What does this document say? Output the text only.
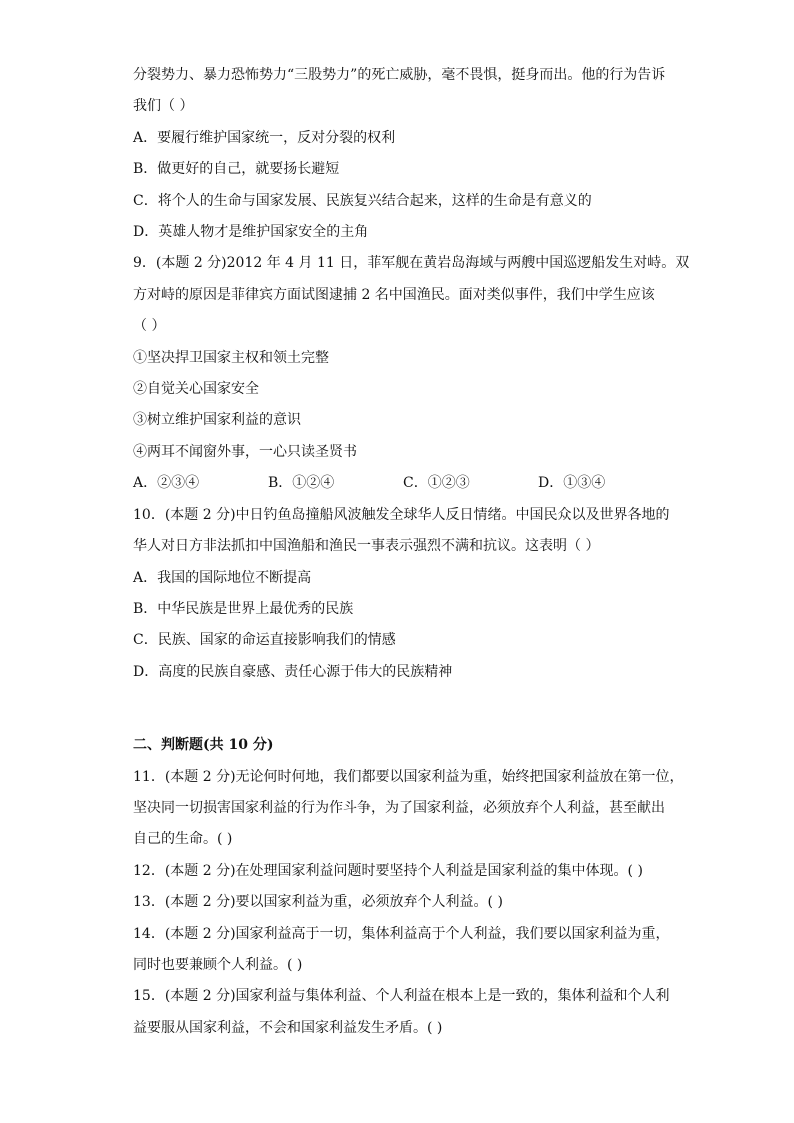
分裂势力、暴力恐怖势力“三股势力”的死亡威胁，毫不畏惧，挺身而出。他的行为告诉
我们（ ）
A．要履行维护国家统一，反对分裂的权利
B．做更好的自己，就要扬长避短
C．将个人的生命与国家发展、民族复兴结合起来，这样的生命是有意义的
D．英雄人物才是维护国家安全的主角
9．(本题 2 分)2012 年 4 月 11 日，菲军舰在黄岩岛海域与两艘中国巡逻船发生对峙。双
方对峙的原因是菲律宾方面试图逮捕 2 名中国渔民。面对类似事件，我们中学生应该
（ ）
①坚决捍卫国家主权和领土完整
②自觉关心国家安全
③树立维护国家利益的意识
④两耳不闻窗外事，一心只读圣贤书
A．②③④	B．①②④	C．①②③	D．①③④
10．(本题 2 分)中日钓鱼岛撞船风波触发全球华人反日情绪。中国民众以及世界各地的
华人对日方非法抓扣中国渔船和渔民一事表示强烈不满和抗议。这表明（ ）
A．我国的国际地位不断提高
B．中华民族是世界上最优秀的民族
C．民族、国家的命运直接影响我们的情感
D．高度的民族自豪感、责任心源于伟大的民族精神
二、判断题(共 10 分)
11．(本题 2 分)无论何时何地，我们都要以国家利益为重，始终把国家利益放在第一位，
坚决同一切损害国家利益的行为作斗争，为了国家利益，必须放弃个人利益，甚至献出
自己的生命。( )
12．(本题 2 分)在处理国家利益问题时要坚持个人利益是国家利益的集中体现。( )
13．(本题 2 分)要以国家利益为重，必须放弃个人利益。( )
14．(本题 2 分)国家利益高于一切，集体利益高于个人利益，我们要以国家利益为重，
同时也要兼顾个人利益。( )
15．(本题 2 分)国家利益与集体利益、个人利益在根本上是一致的，集体利益和个人利
益要服从国家利益，不会和国家利益发生矛盾。( )
